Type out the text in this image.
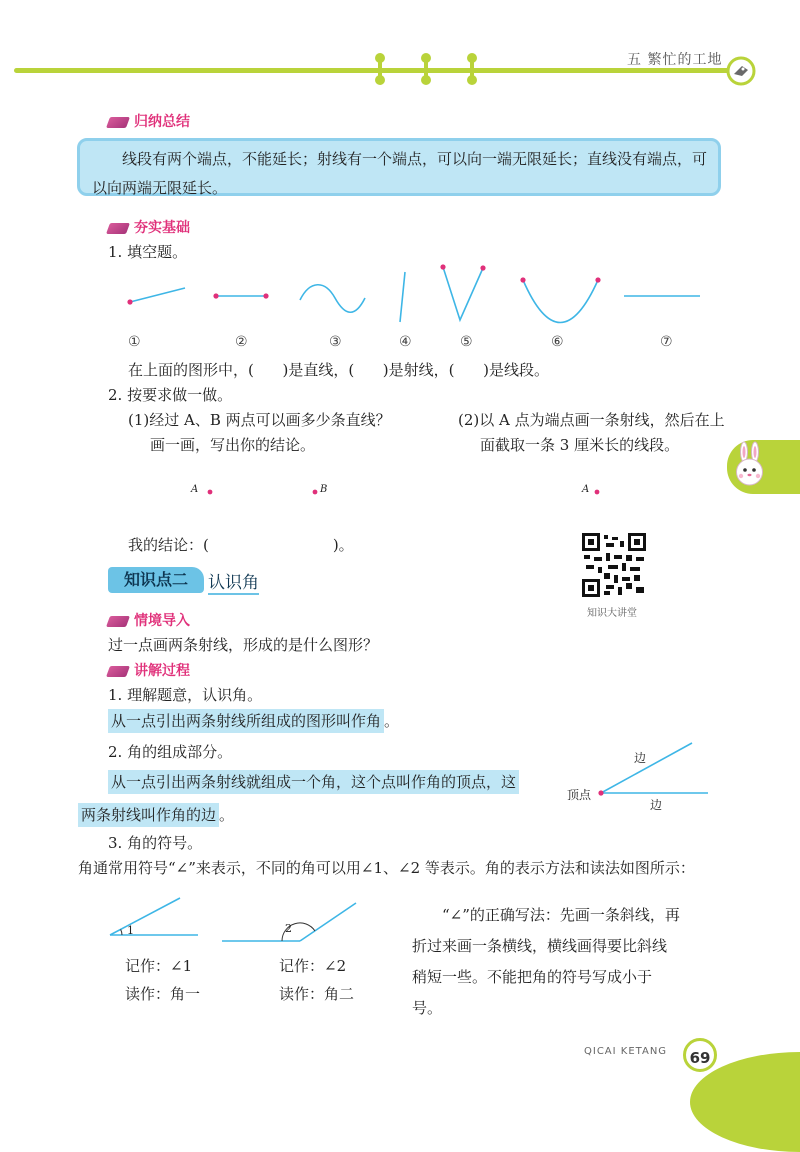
五 繁忙的工地
归纳总结
线段有两个端点，不能延长；射线有一个端点，可以向一端无限延长；直线没有端点，可以向两端无限延长。
夯实基础
1. 填空题。
①	②	③	④	⑤	⑥	⑦
在上面的图形中，(      )是直线，(      )是射线，(      )是线段。
2. 按要求做一做。
(1)经过 A、B 两点可以画多少条直线？
画一画，写出你的结论。
(2)以 A 点为端点画一条射线，然后在上
面截取一条 3 厘米长的线段。
A	B	A
我的结论：(                          )。
知识大讲堂
知识点二	认识角
情境导入
过一点画两条射线，形成的是什么图形？
讲解过程
1. 理解题意，认识角。
从一点引出两条射线所组成的图形叫作角 。
2. 角的组成部分。
从一点引出两条射线就组成一个角，这个点叫作角的顶点，这
两条射线叫作角的边 。
顶点
边
边
3. 角的符号。
角通常用符号“∠”来表示，不同的角可以用∠1、∠2 等表示。角的表示方法和读法如图所示：
1
记作：∠1
读作：角一
2
记作：∠2
读作：角二
“∠”的正确写法：先画一条斜线，再折过来画一条横线，横线画得要比斜线稍短一些。不能把角的符号写成小于号。
QICAI KETANG	69
